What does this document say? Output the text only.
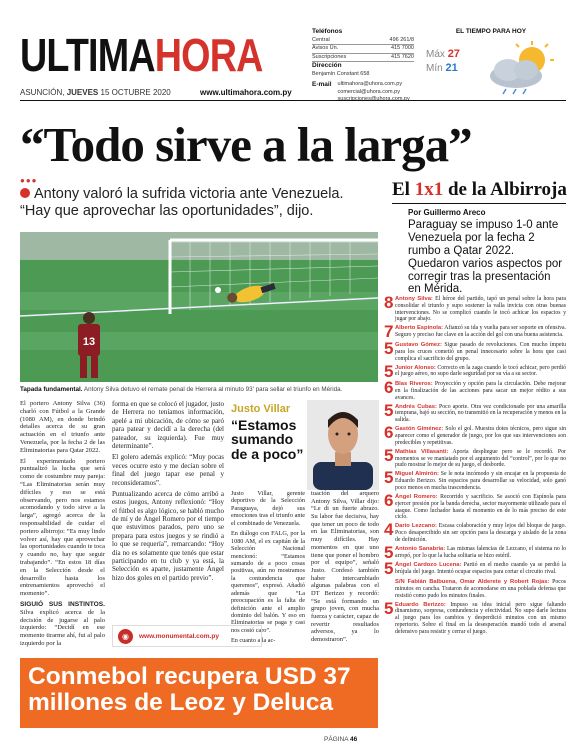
ULTIMAHORA
ASUNCIÓN, JUEVES 15 OCTUBRE 2020	www.ultimahora.com.py
Teléfonos
Central	496 261/8
Avisos Ún.	415 7000
Suscripciones	415 7620
Dirección
Benjamín Constant 658
E-mail ultimahora@uhora.com.py
comercial@uhora.com.py
EL TIEMPO PARA HOY
Máx 27
Mín 21
“Todo sirve a la larga”
●●●
Antony valoró la sufrida victoria ante Venezuela. “Hay que aprovechar las oportunidades”, dijo.
13
Tapada fundamental. Antony Silva detuvo el remate penal de Herrera al minuto 93' para sellar el triunfo en Mérida.

El portero Antony Silva (36) charló con Fútbol a la Grande (1080 AM), en donde brindó detalles acerca de su gran actuación en el triunfo ante Venezuela, por la fecha 2 de las Eliminatorias para Qatar 2022.

El experimentado portero puntualizó la lucha que será como de costumbre muy pareja: “Las Eliminatorias serán muy difíciles y eso se está observando, pero nos estamos acomodando y todo sirve a la larga”, agregó acerca de la responsabilidad de cuidar el portero albirrojo: “Es muy lindo volver así, hay que aprovechar las oportunidades cuando te toca y cuando no, hay que seguir trabajando”. “En estos 18 días en la Selección desde el desarrollo hasta los entrenamientos aprovechó el momento”.

SIGUIÓ SUS INSTINTOS. Silva explicó acerca de la decisión de jugarse al palo izquierdo: “Decidí en ese momento tirarme ahí, fui al palo izquierdo por la

forma en que se colocó el jugador, justo de Herrera no teníamos información, apelé a mi ubicación, de cómo se paró para patear y decidí a la derecha (del pateador, su izquierda). Fue muy determinante”.

El golero además explicó: “Muy pocas veces ocurre esto y me decían sobre el final del juego tapar ese penal y reconsideramos”.

Puntualizando acerca de cómo arribó a estos juegos, Antony reflexionó: “Hoy el fútbol es algo lógico, se habló mucho de mí y de Ángel Romero por el tiempo que estuvimos parados, pero uno se prepara para estos juegos y se rindió a lo que se requería”, remarcando: “Hoy día no es solamente que tenés que estar participando en tu club y ya está, la Selección es aparte, justamente Ángel hizo dos goles en el partido previo”.

Justo Villar
“Estamos sumando de a poco”

Justo Villar, gerente deportivo de la Selección Paraguaya, dejó sus emociones tras el triunfo ante el combinado de Venezuela.

En diálogo con FALG, por la 1080 AM, el ex capitán de la Selección Nacional mencionó: “Estamos sumando de a poco cosas positivas, aún no mostramos la contundencia que queremos”, expresó. Añadió además que “La preocupación es la falta de definición ante el amplio dominio del balón. Y eso en Eliminatorias se paga y casi nos costó caro”.

En cuanto a la ac-

tuación del arquero Antony Silva, Villar dijo: “Le di un fuerte abrazo. Su labor fue decisiva, hay que tener un poco de todo en las Eliminatorias, son muy difíciles. Hay momentos en que uno tiene que poner el hombro por el equipo”, señaló Justo. Confesó también haber intercambiado algunas palabras con el DT Berizzo y recordó: “Se está formando un grupo joven, con mucha fuerza y carácter, capaz de revertir resultados adversos, ya lo demostraron”.

◉	www.monumental.com.py
Conmebol recupera USD 37 millones de Leoz y Deluca
PÁGINA 46
El 1x1 de la Albirroja
Por Guillermo Areco
Paraguay se impuso 1-0 ante Venezuela por la fecha 2 rumbo a Qatar 2022. Quedaron varios aspectos por corregir tras la presentación en Mérida.
8 Antony Silva: El héroe del partido, tapó un penal sobre la hora para consolidar el triunfo y supo sostener la valla invicta con otras buenas intervenciones. No se complicó cuando le tocó achicar los espacios y jugar por abajo.
7 Alberto Espínola: Afianzó su ida y vuelta para ser soporte en ofensiva. Seguro y preciso fue clave en la acción del gol con una buena asistencia.
5 Gustavo Gómez: Sigue pasado de revoluciones. Con mucho ímpetu para los cruces cometió un penal innecesario sobre la hora que casi complica el sacrificio del grupo.
5 Junior Alonso: Correcto en la zaga cuando le tocó achicar, pero perdió el juego aéreo, no supo darle seguridad por su vía a su sector.
6 Blas Riveros: Proyección y opción para la circulación. Debe mejorar en la finalización de las acciones para sacar un mejor rédito a sus avances.
5 Andrés Cubas: Poco aporte. Otra vez condicionado por una amarilla temprana, bajó su sección, no transmitió en la recuperación y menos en la salida.
6 Gastón Giménez: Solo el gol. Muestra dotes técnicos, pero sigue sin aparecer como el generador de juego, por los que sus intervenciones son predecibles y repetitivas.
5 Mathías Villasanti: Aporta despliegue pero se le recordó. Por momentos se ve maniatado por el argumento del “control”, por lo que no pudo mostrar lo mejor de su juego, el desborde.
5 Miguel Almirón: Se le nota incómodo y sin encajar en la propuesta de Eduardo Berizzo. Sin espacios para desarrollar su velocidad, solo ganó poco menos en mucha trascendencia.
6 Ángel Romero: Recorrido y sacrificio. Se asoció con Espínola para ejercer presión por la banda derecha, sector mayormente utilizado para el ataque. Como luchador hasta el momento en de lo más preciso de este ciclo.
4 Darío Lezcano: Escasa colaboración y muy lejos del bloque de juego. Poco desapercibido sin ser opción para la descarga y aislado de la zona de definición.
5 Antonio Sanabria: Las mismas falencias de Lezcano, el sistema no lo arropó, por lo que la lucha solitaria se hizo estéril.
5 Ángel Cardozo Lucena: Partió en el medio cuando ya se perdió la brújula del juego. Intentó ocupar espacios para cortar el circuito rival.
S/N Fabián Balbuena, Omar Alderete y Robert Rojas: Pocos minutos en cancha. Trataron de acomodarse en una poblada defensa que resistió como pudo los minutos finales.
5 Eduardo Berizzo: Impuso su idea inicial pero sigue faltando dinamismo, sorpresa, contundencia y efectividad. No supo darle lectura al juego para los cambios y desperdició minutos con un mismo repertorio. Sobre el final en la desesperación mandó todo el arsenal defensivo para resistir y cerrar el juego.
